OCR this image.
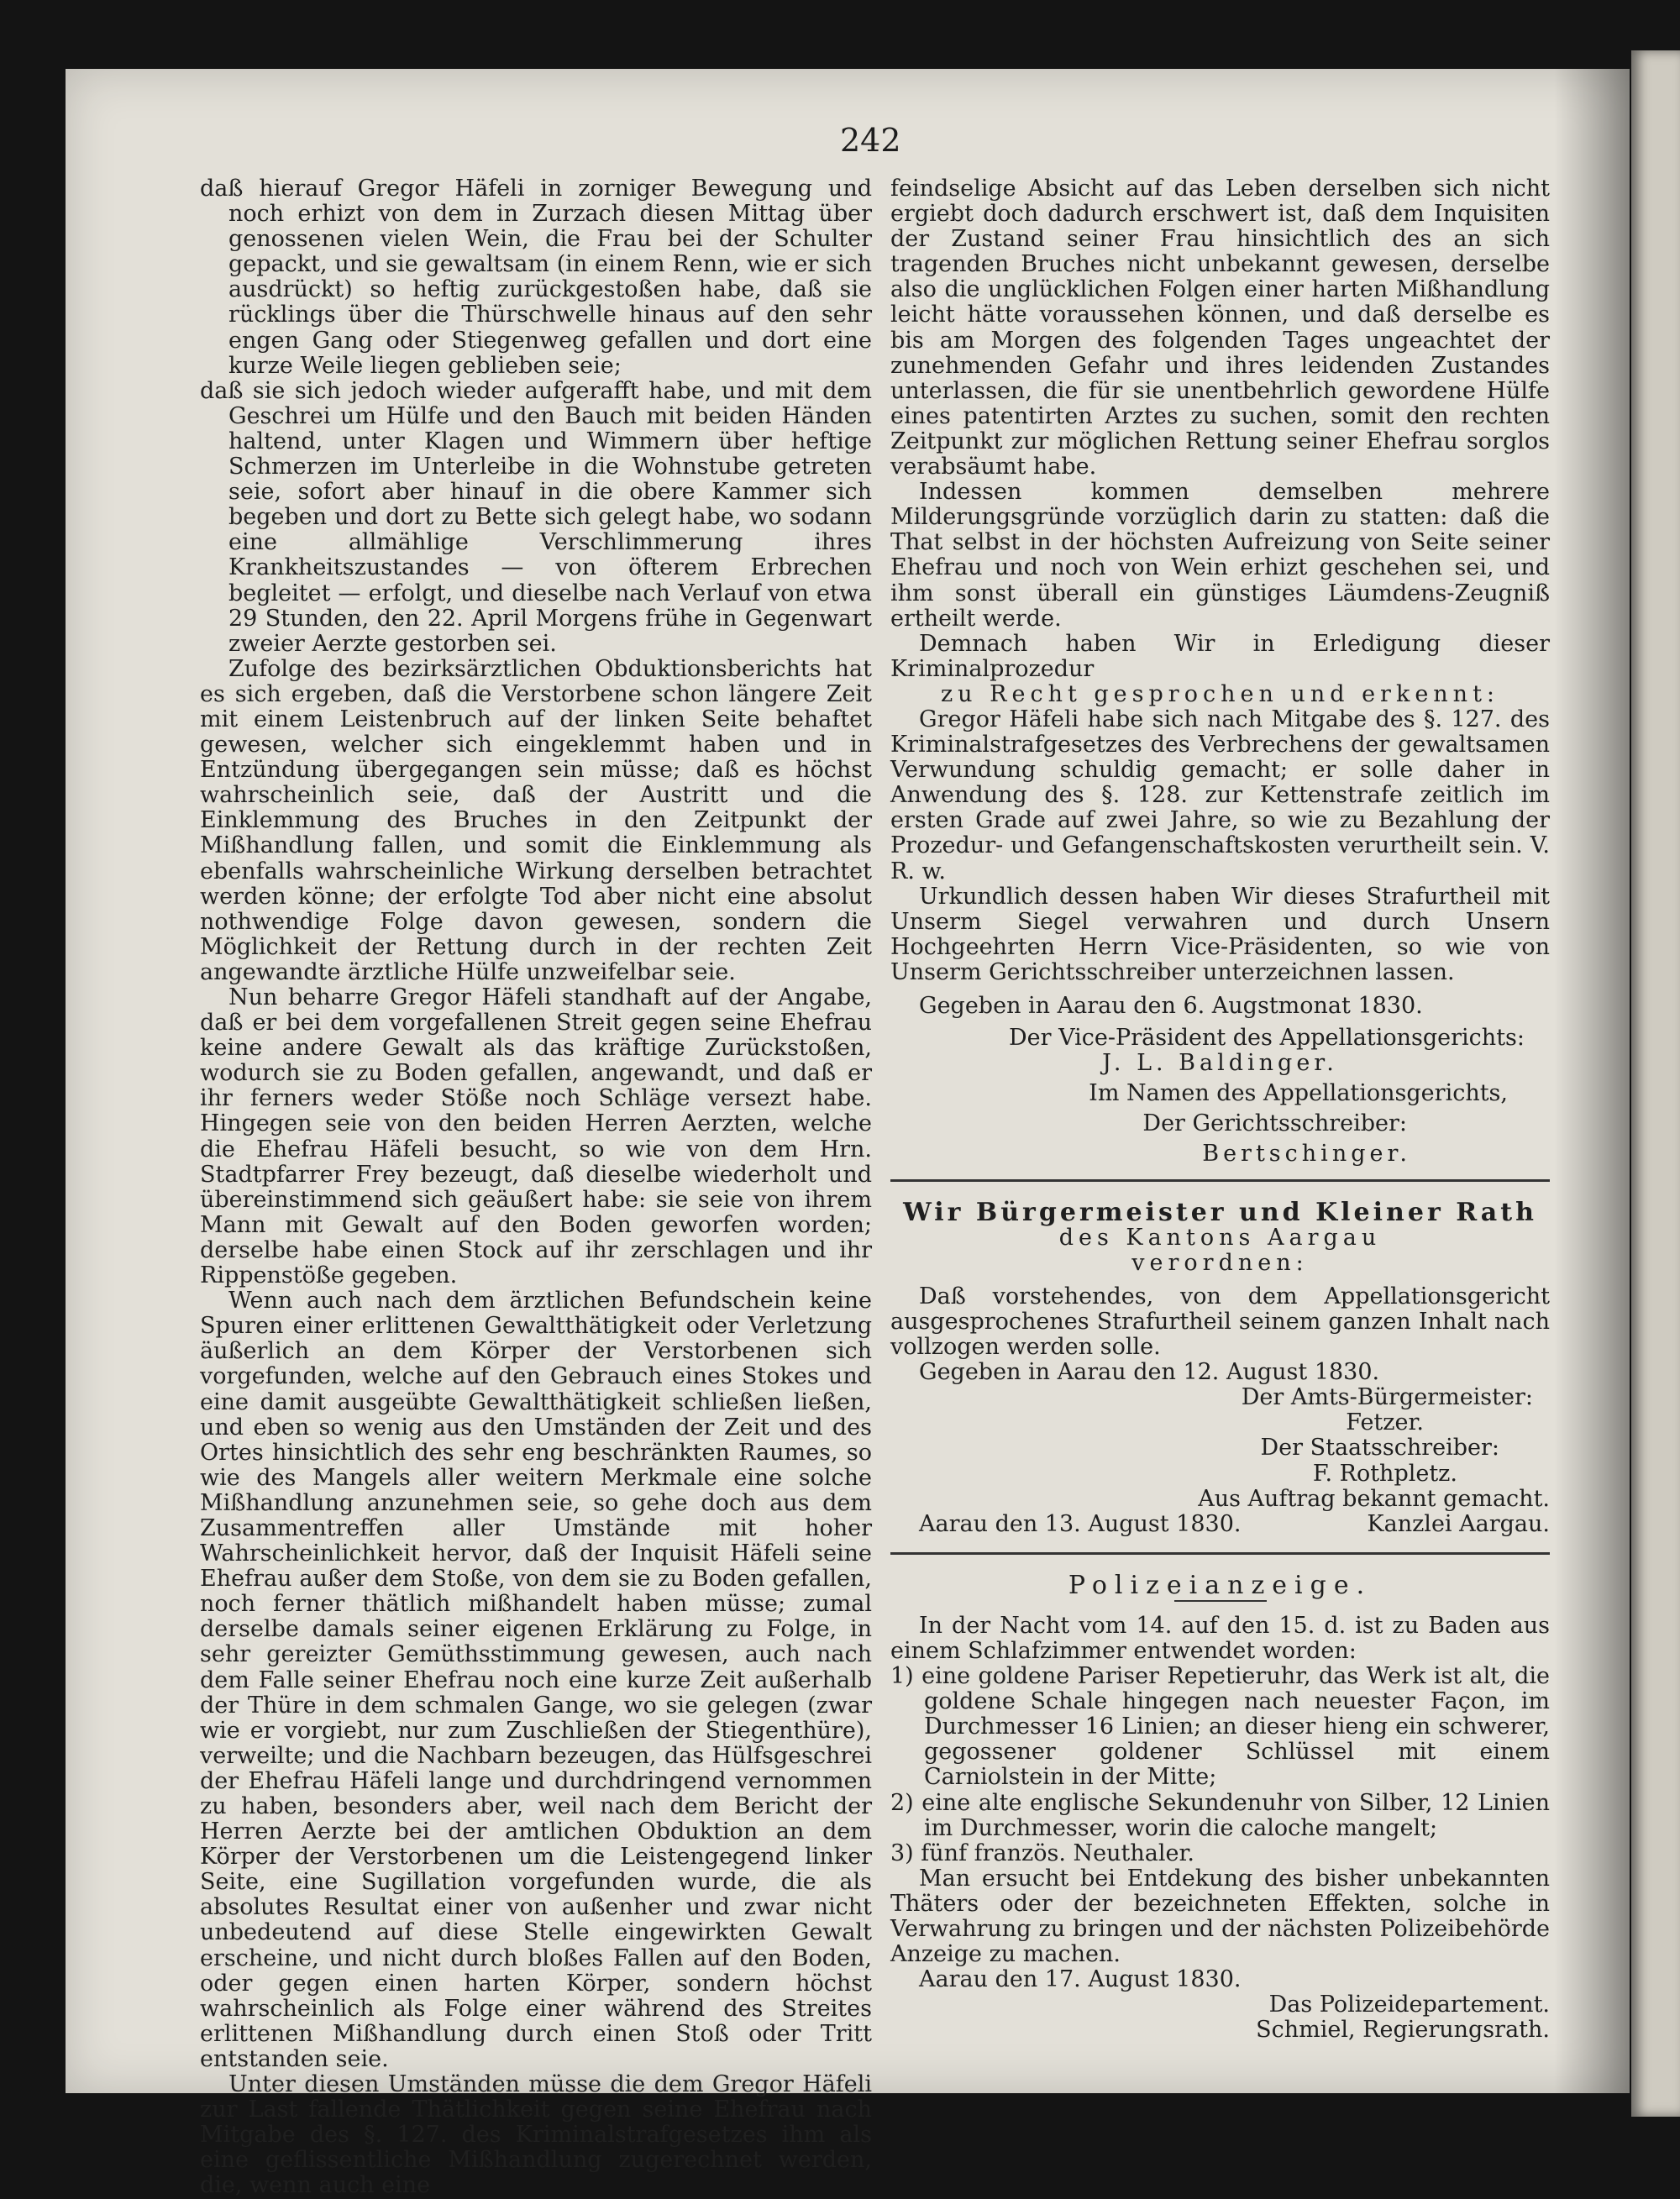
242

daß hierauf Gregor Häfeli in zorniger Bewegung und noch erhizt von dem in Zurzach diesen Mittag über genossenen vielen Wein, die Frau bei der Schulter gepackt, und sie gewaltsam (in einem Renn, wie er sich ausdrückt) so heftig zurückgestoßen habe, daß sie rücklings über die Thürschwelle hinaus auf den sehr engen Gang oder Stiegenweg gefallen und dort eine kurze Weile liegen geblieben seie;

daß sie sich jedoch wieder aufgerafft habe, und mit dem Geschrei um Hülfe und den Bauch mit beiden Händen haltend, unter Klagen und Wimmern über heftige Schmerzen im Unterleibe in die Wohnstube getreten seie, sofort aber hinauf in die obere Kammer sich begeben und dort zu Bette sich gelegt habe, wo sodann eine allmählige Verschlimmerung ihres Krankheitszustandes — von öfterem Erbrechen begleitet — erfolgt, und dieselbe nach Verlauf von etwa 29 Stunden, den 22. April Morgens frühe in Gegenwart zweier Aerzte gestorben sei.

Zufolge des bezirksärztlichen Obduktionsberichts hat es sich ergeben, daß die Verstorbene schon längere Zeit mit einem Leistenbruch auf der linken Seite behaftet gewesen, welcher sich eingeklemmt haben und in Entzündung übergegangen sein müsse; daß es höchst wahrscheinlich seie, daß der Austritt und die Einklemmung des Bruches in den Zeitpunkt der Mißhandlung fallen, und somit die Einklemmung als ebenfalls wahrscheinliche Wirkung derselben betrachtet werden könne; der erfolgte Tod aber nicht eine absolut nothwendige Folge davon gewesen, sondern die Möglichkeit der Rettung durch in der rechten Zeit angewandte ärztliche Hülfe unzweifelbar seie.

Nun beharre Gregor Häfeli standhaft auf der Angabe, daß er bei dem vorgefallenen Streit gegen seine Ehefrau keine andere Gewalt als das kräftige Zurückstoßen, wodurch sie zu Boden gefallen, angewandt, und daß er ihr ferners weder Stöße noch Schläge versezt habe. Hingegen seie von den beiden Herren Aerzten, welche die Ehefrau Häfeli besucht, so wie von dem Hrn. Stadtpfarrer Frey bezeugt, daß dieselbe wiederholt und übereinstimmend sich geäußert habe: sie seie von ihrem Mann mit Gewalt auf den Boden geworfen worden; derselbe habe einen Stock auf ihr zerschlagen und ihr Rippenstöße gegeben.

Wenn auch nach dem ärztlichen Befundschein keine Spuren einer erlittenen Gewaltthätigkeit oder Verletzung äußerlich an dem Körper der Verstorbenen sich vorgefunden, welche auf den Gebrauch eines Stokes und eine damit ausgeübte Gewaltthätigkeit schließen ließen, und eben so wenig aus den Umständen der Zeit und des Ortes hinsichtlich des sehr eng beschränkten Raumes, so wie des Mangels aller weitern Merkmale eine solche Mißhandlung anzunehmen seie, so gehe doch aus dem Zusammentreffen aller Umstände mit hoher Wahrscheinlichkeit hervor, daß der Inquisit Häfeli seine Ehefrau außer dem Stoße, von dem sie zu Boden gefallen, noch ferner thätlich mißhandelt haben müsse; zumal derselbe damals seiner eigenen Erklärung zu Folge, in sehr gereizter Gemüthsstimmung gewesen, auch nach dem Falle seiner Ehefrau noch eine kurze Zeit außerhalb der Thüre in dem schmalen Gange, wo sie gelegen (zwar wie er vorgiebt, nur zum Zuschließen der Stiegenthüre), verweilte; und die Nachbarn bezeugen, das Hülfsgeschrei der Ehefrau Häfeli lange und durchdringend vernommen zu haben, besonders aber, weil nach dem Bericht der Herren Aerzte bei der amtlichen Obduktion an dem Körper der Verstorbenen um die Leistengegend linker Seite, eine Sugillation vorgefunden wurde, die als absolutes Resultat einer von außenher und zwar nicht unbedeutend auf diese Stelle eingewirkten Gewalt erscheine, und nicht durch bloßes Fallen auf den Boden, oder gegen einen harten Körper, sondern höchst wahrscheinlich als Folge einer während des Streites erlittenen Mißhandlung durch einen Stoß oder Tritt entstanden seie.

Unter diesen Umständen müsse die dem Gregor Häfeli zur Last fallende Thätlichkeit gegen seine Ehefrau nach Mitgabe des §. 127. des Kriminalstrafgesetzes ihm als eine geflissentliche Mißhandlung zugerechnet werden, die, wenn auch eine

feindselige Absicht auf das Leben derselben sich nicht ergiebt doch dadurch erschwert ist, daß dem Inquisiten der Zustand seiner Frau hinsichtlich des an sich tragenden Bruches nicht unbekannt gewesen, derselbe also die unglücklichen Folgen einer harten Mißhandlung leicht hätte voraussehen können, und daß derselbe es bis am Morgen des folgenden Tages ungeachtet der zunehmenden Gefahr und ihres leidenden Zustandes unterlassen, die für sie unentbehrlich gewordene Hülfe eines patentirten Arztes zu suchen, somit den rechten Zeitpunkt zur möglichen Rettung seiner Ehefrau sorglos verabsäumt habe.

Indessen kommen demselben mehrere Milderungsgründe vorzüglich darin zu statten: daß die That selbst in der höchsten Aufreizung von Seite seiner Ehefrau und noch von Wein erhizt geschehen sei, und ihm sonst überall ein günstiges Läumdens-Zeugniß ertheilt werde.

Demnach haben Wir in Erledigung dieser Kriminalprozedur

zu Recht gesprochen und erkennt:

Gregor Häfeli habe sich nach Mitgabe des §. 127. des Kriminalstrafgesetzes des Verbrechens der gewaltsamen Verwundung schuldig gemacht; er solle daher in Anwendung des §. 128. zur Kettenstrafe zeitlich im ersten Grade auf zwei Jahre, so wie zu Bezahlung der Prozedur- und Gefangenschaftskosten verurtheilt sein. V. R. w.

Urkundlich dessen haben Wir dieses Strafurtheil mit Unserm Siegel verwahren und durch Unsern Hochgeehrten Herrn Vice-Präsidenten, so wie von Unserm Gerichtsschreiber unterzeichnen lassen.

Gegeben in Aarau den 6. Augstmonat 1830.

Der Vice-Präsident des Appellationsgerichts:

J. L. Baldinger.

Im Namen des Appellationsgerichts,

Der Gerichtsschreiber:

Bertschinger.

Wir Bürgermeister und Kleiner Rath

des Kantons Aargau

verordnen:

Daß vorstehendes, von dem Appellationsgericht ausgesprochenes Strafurtheil seinem ganzen Inhalt nach vollzogen werden solle.

Gegeben in Aarau den 12. August 1830.

Der Amts-Bürgermeister:

Fetzer.

Der Staatsschreiber:

F. Rothpletz.

Aus Auftrag bekannt gemacht.

Aarau den 13. August 1830.	Kanzlei Aargau.

Polizeianzeige.

In der Nacht vom 14. auf den 15. d. ist zu Baden aus einem Schlafzimmer entwendet worden:

1) eine goldene Pariser Repetieruhr, das Werk ist alt, die goldene Schale hingegen nach neuester Façon, im Durchmesser 16 Linien; an dieser hieng ein schwerer, gegossener goldener Schlüssel mit einem Carniolstein in der Mitte;
2) eine alte englische Sekundenuhr von Silber, 12 Linien im Durchmesser, worin die caloche mangelt;
3) fünf französ. Neuthaler.

Man ersucht bei Entdekung des bisher unbekannten Thäters oder der bezeichneten Effekten, solche in Verwahrung zu bringen und der nächsten Polizeibehörde Anzeige zu machen.

Aarau den 17. August 1830.

Das Polizeidepartement.

Schmiel, Regierungsrath.
